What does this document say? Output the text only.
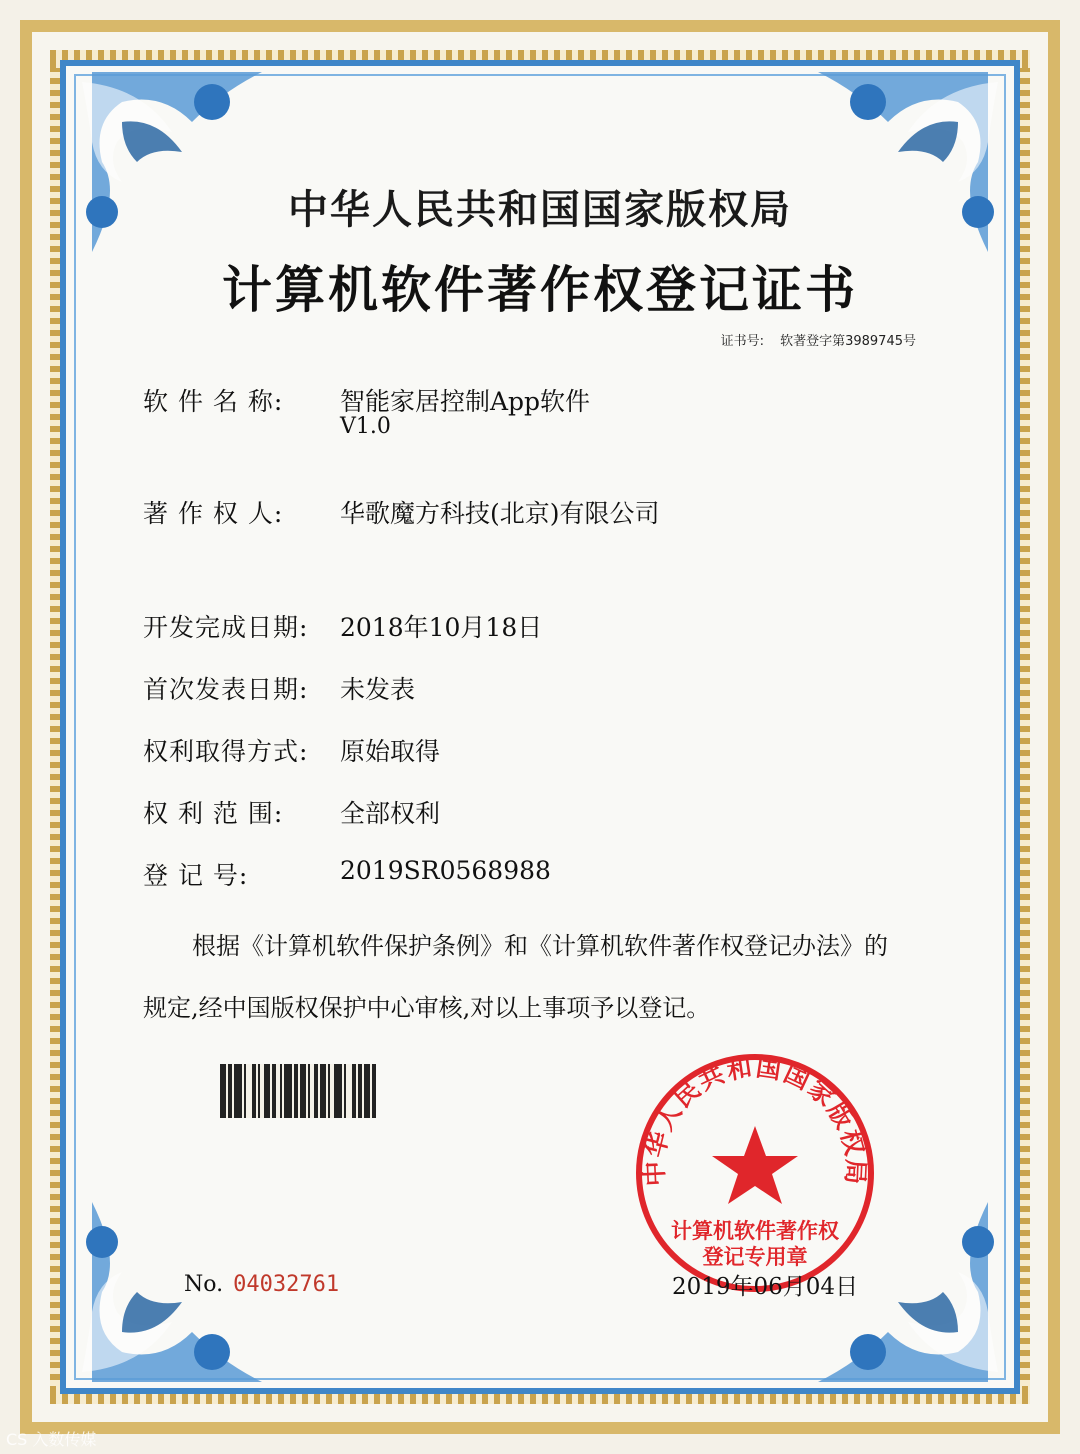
中华人民共和国国家版权局
计算机软件著作权登记证书
证书号: 软著登字第3989745号
软 件 名 称: 智能家居控制App软件
V1.0
著 作 权 人: 华歌魔方科技(北京)有限公司
开发完成日期: 2018年10月18日
首次发表日期: 未发表
权利取得方式: 原始取得
权 利 范 围: 全部权利
登 记 号:	2019SR0568988
根据《计算机软件保护条例》和《计算机软件著作权登记办法》的
规定,经中国版权保护中心审核,对以上事项予以登记。
中华人民共和国国家版权局
计算机软件著作权
登记专用章
No. 04032761	2019年06月04日
CS 入数传媒
